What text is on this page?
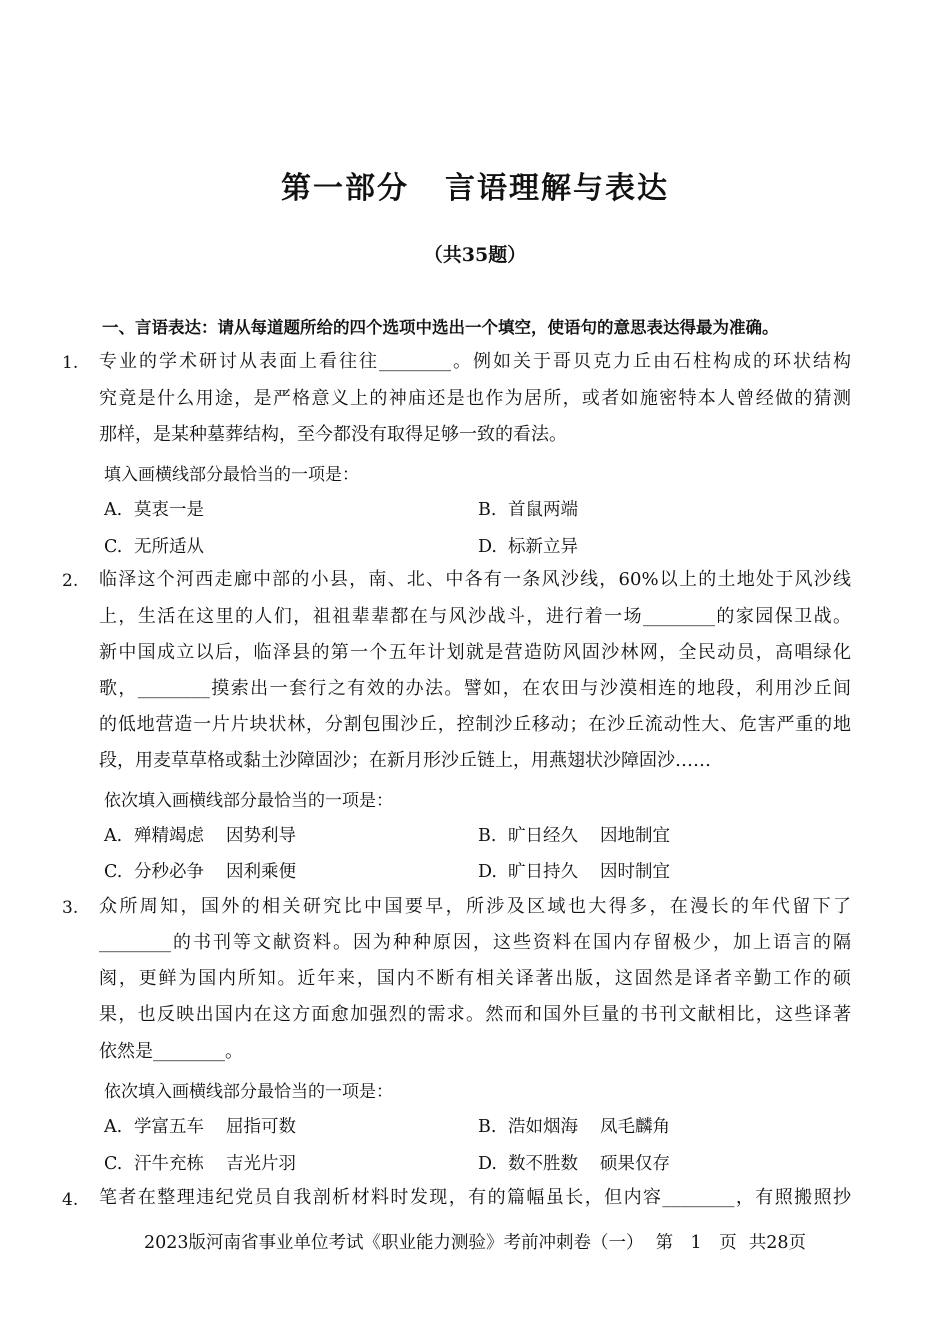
第一部分 言语理解与表达
（共35题）
一、言语表达：请从每道题所给的四个选项中选出一个填空，使语句的意思表达得最为准确。
1. 专业的学术研讨从表面上看往往________。例如关于哥贝克力丘由石柱构成的环状结构
究竟是什么用途，是严格意义上的神庙还是也作为居所，或者如施密特本人曾经做的猜测
那样，是某种墓葬结构，至今都没有取得足够一致的看法。
填入画横线部分最恰当的一项是：
A. 莫衷一是	B. 首鼠两端
C. 无所适从	D. 标新立异
2. 临泽这个河西走廊中部的小县，南、北、中各有一条风沙线，60%以上的土地处于风沙线
上，生活在这里的人们，祖祖辈辈都在与风沙战斗，进行着一场________的家园保卫战。
新中国成立以后，临泽县的第一个五年计划就是营造防风固沙林网，全民动员，高唱绿化
歌，________摸索出一套行之有效的办法。譬如，在农田与沙漠相连的地段，利用沙丘间
的低地营造一片片块状林，分割包围沙丘，控制沙丘移动；在沙丘流动性大、危害严重的地
段，用麦草草格或黏土沙障固沙；在新月形沙丘链上，用燕翅状沙障固沙……
依次填入画横线部分最恰当的一项是：
A. 殚精竭虑 因势利导	B. 旷日经久 因地制宜
C. 分秒必争 因利乘便	D. 旷日持久 因时制宜
3. 众所周知，国外的相关研究比中国要早，所涉及区域也大得多，在漫长的年代留下了
________的书刊等文献资料。因为种种原因，这些资料在国内存留极少，加上语言的隔
阂，更鲜为国内所知。近年来，国内不断有相关译著出版，这固然是译者辛勤工作的硕
果，也反映出国内在这方面愈加强烈的需求。然而和国外巨量的书刊文献相比，这些译著
依然是________。
依次填入画横线部分最恰当的一项是：
A. 学富五车 屈指可数	B. 浩如烟海 凤毛麟角
C. 汗牛充栋 吉光片羽	D. 数不胜数 硕果仅存
4. 笔者在整理违纪党员自我剖析材料时发现，有的篇幅虽长，但内容________，有照搬照抄
2023版河南省事业单位考试《职业能力测验》考前冲刺卷（一） 第　1　页 共28页
